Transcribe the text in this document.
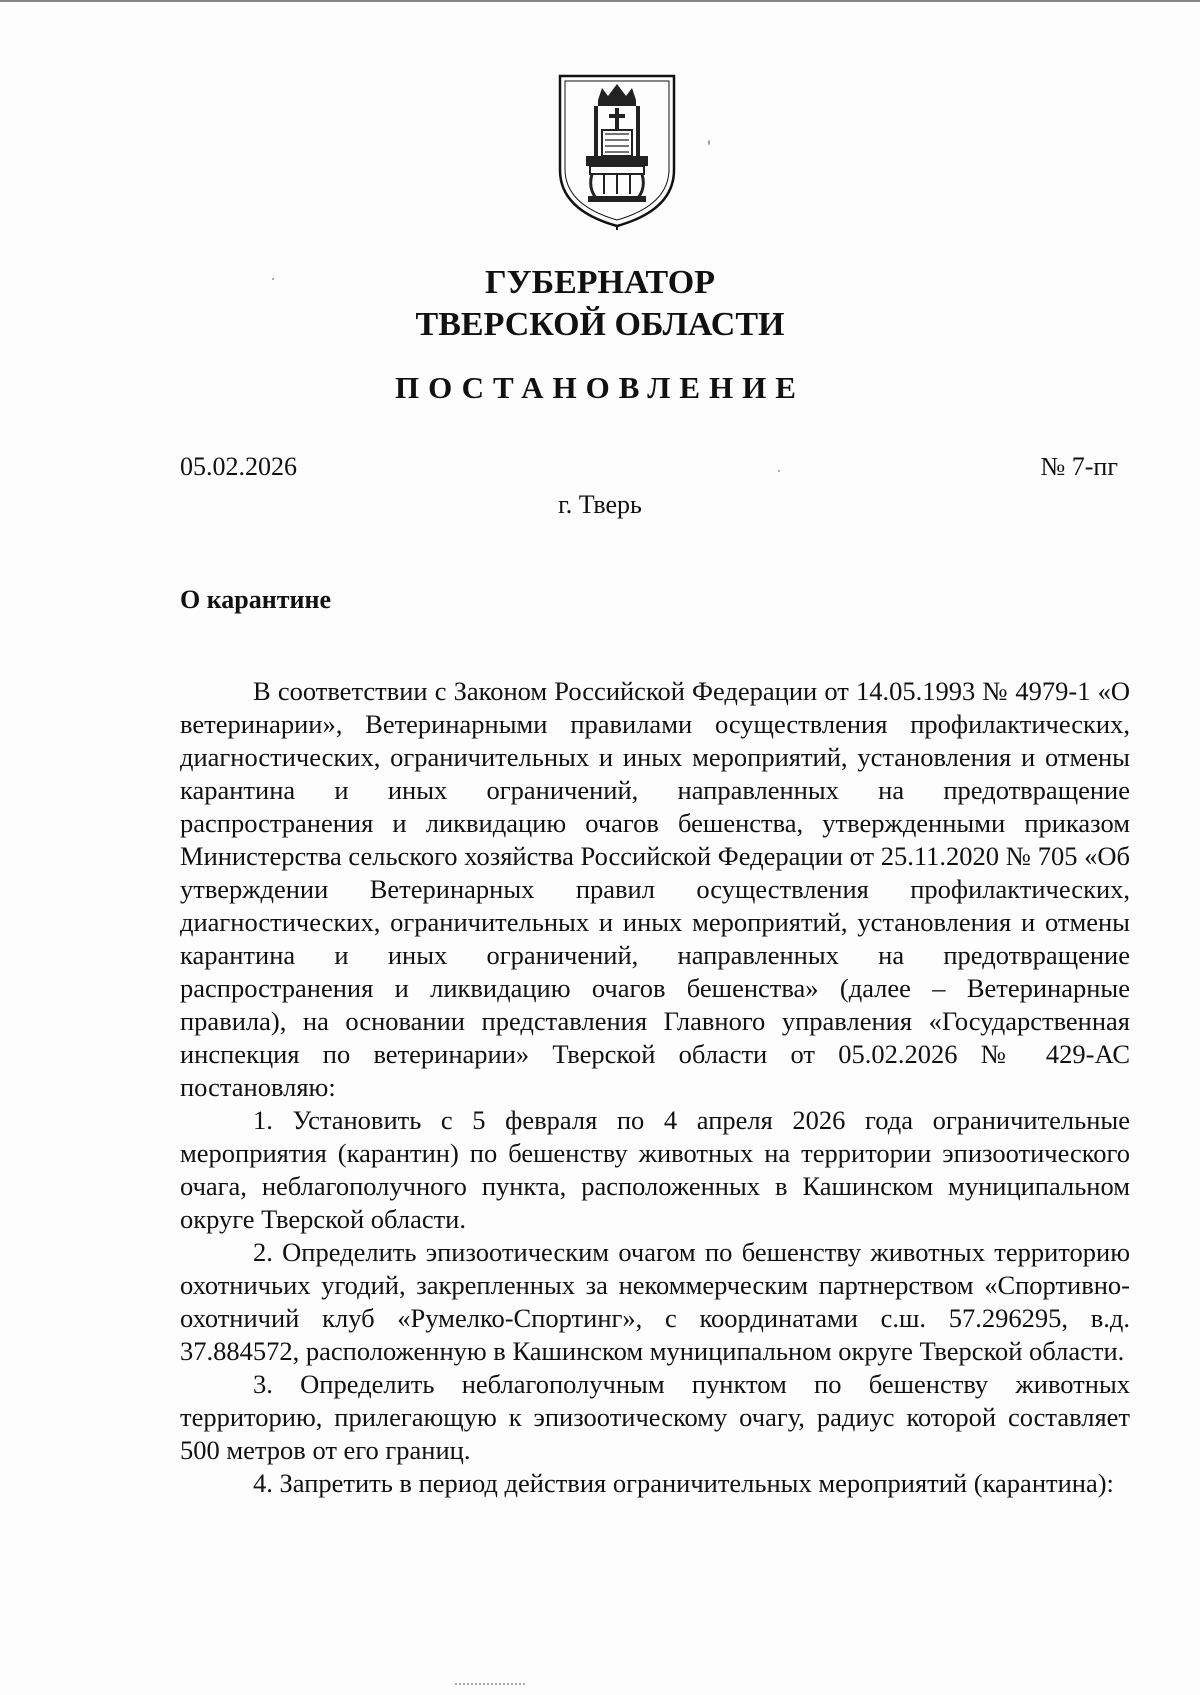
ГУБЕРНАТОР
ТВЕРСКОЙ ОБЛАСТИ
ПОСТАНОВЛЕНИЕ
05.02.2026	№ 7-пг
г. Тверь
О карантине

В соответствии с Законом Российской Федерации от 14.05.1993 № 4979-1 «О ветеринарии», Ветеринарными правилами осуществления профилактических, диагностических, ограничительных и иных мероприятий, установления и отмены карантина и иных ограничений, направленных на предотвращение распространения и ликвидацию очагов бешенства, утвержденными приказом Министерства сельского хозяйства Российской Федерации от 25.11.2020 № 705 «Об утверждении Ветеринарных правил осуществления профилактических, диагностических, ограничительных и иных мероприятий, установления и отмены карантина и иных ограничений, направленных на предотвращение распространения и ликвидацию очагов бешенства» (далее – Ветеринарные правила), на основании представления Главного управления «Государственная инспекция по ветеринарии» Тверской области от 05.02.2026 № 429-АС постановляю:

1. Установить с 5 февраля по 4 апреля 2026 года ограничительные мероприятия (карантин) по бешенству животных на территории эпизоотического очага, неблагополучного пункта, расположенных в Кашинском муниципальном округе Тверской области.

2. Определить эпизоотическим очагом по бешенству животных территорию охотничьих угодий, закрепленных за некоммерческим партнерством «Спортивно-охотничий клуб «Румелко-Спортинг», с координатами с.ш. 57.296295, в.д. 37.884572, расположенную в Кашинском муниципальном округе Тверской области.

3. Определить неблагополучным пунктом по бешенству животных территорию, прилегающую к эпизоотическому очагу, радиус которой составляет 500 метров от его границ.

4. Запретить в период действия ограничительных мероприятий (карантина):
